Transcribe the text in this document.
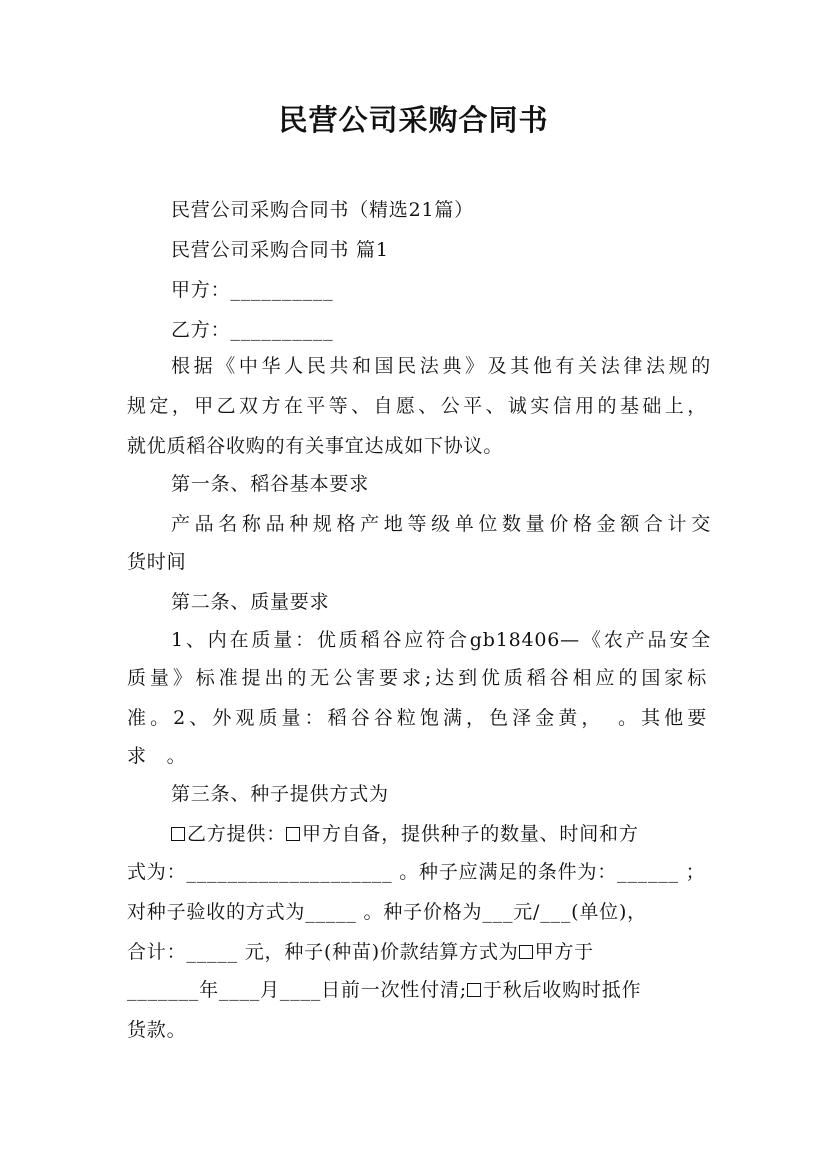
民营公司采购合同书
民营公司采购合同书（精选21篇）
民营公司采购合同书 篇1
甲方：__________
乙方：__________
根据《中华人民共和国民法典》及其他有关法律法规的
规定，甲乙双方在平等、自愿、公平、诚实信用的基础上，
就优质稻谷收购的有关事宜达成如下协议。
第一条、稻谷基本要求
产品名称品种规格产地等级单位数量价格金额合计交
货时间
第二条、质量要求
1、内在质量：优质稻谷应符合gb18406—《农产品安全
质量》标准提出的无公害要求;达到优质稻谷相应的国家标
准。2、外观质量：稻谷谷粒饱满，色泽金黄，　。其他要
求　。
第三条、种子提供方式为
乙方提供： 甲方自备，提供种子的数量、时间和方
式为：____________________ 。种子应满足的条件为：______ ；
对种子验收的方式为_____ 。种子价格为___元/___(单位)，
合计：_____ 元，种子(种苗)价款结算方式为 甲方于
_______年____月____日前一次性付清; 于秋后收购时抵作
货款。
